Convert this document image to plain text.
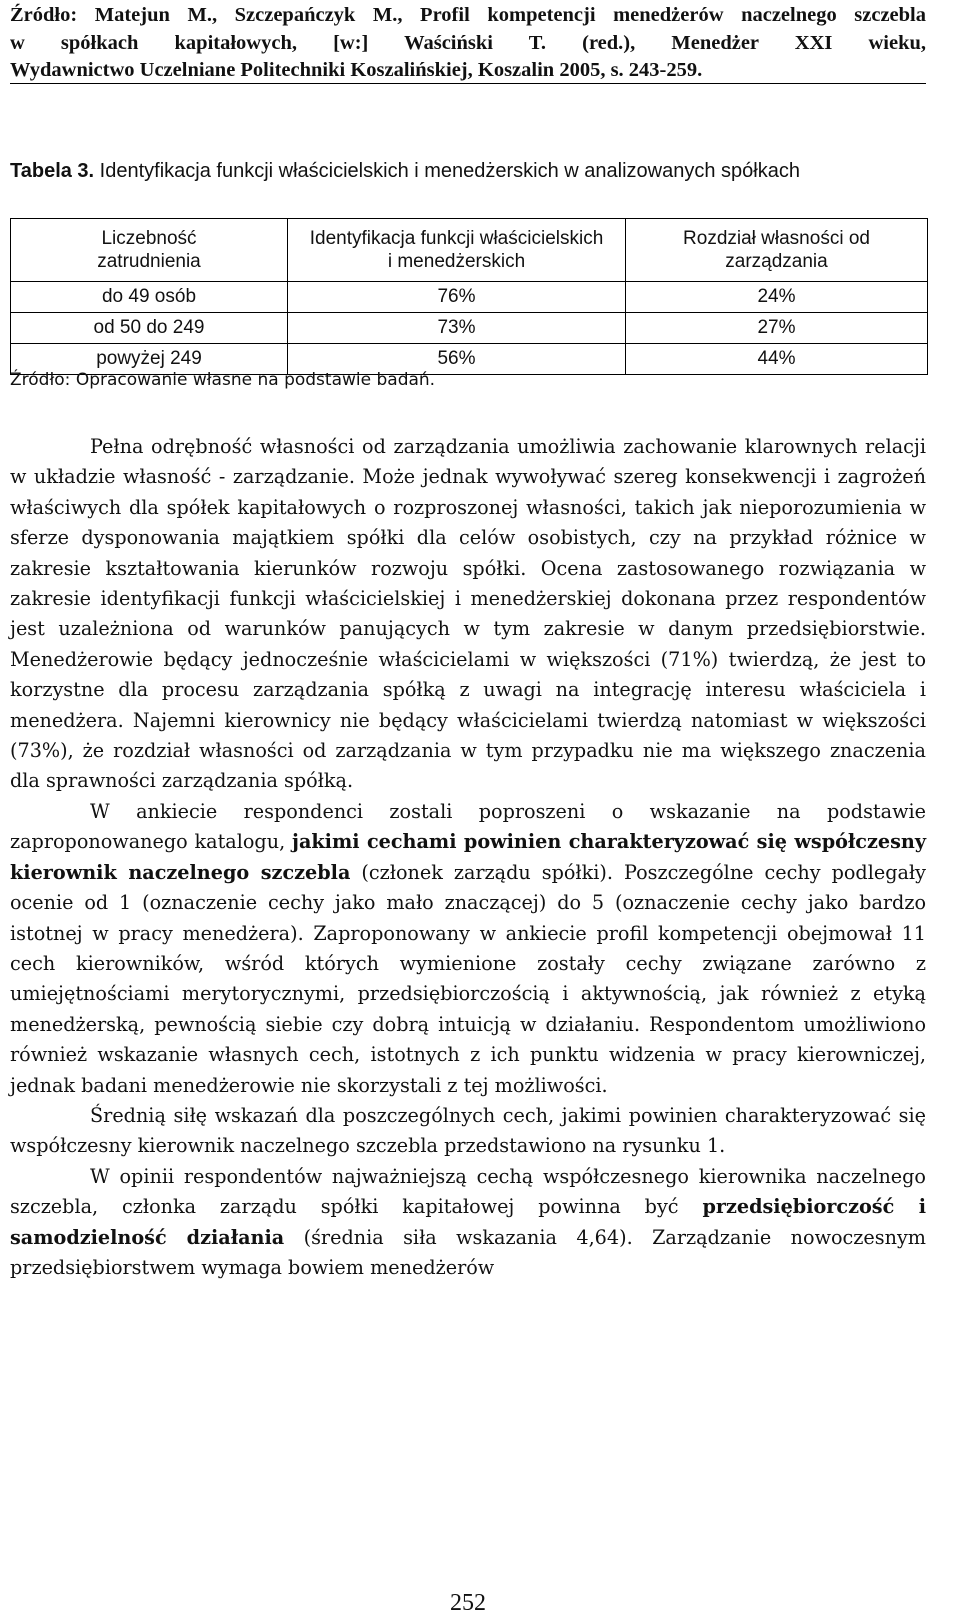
Źródło: Matejun M., Szczepańczyk M., Profil kompetencji menedżerów naczelnego szczebla
w spółkach kapitałowych, [w:] Waściński T. (red.), Menedżer XXI wieku,
Wydawnictwo Uczelniane Politechniki Koszalińskiej, Koszalin 2005, s. 243-259.
Tabela 3. Identyfikacja funkcji właścicielskich i menedżerskich w analizowanych spółkach
Liczebność zatrudnienia	Identyfikacja funkcji właścicielskich i menedżerskich	Rozdział własności od zarządzania
do 49 osób	76%	24%
od 50 do 249	73%	27%
powyżej 249	56%	44%
Źródło: Opracowanie własne na podstawie badań.

Pełna odrębność własności od zarządzania umożliwia zachowanie klarownych relacji w układzie własność - zarządzanie. Może jednak wywoływać szereg konsekwencji i zagrożeń właściwych dla spółek kapitałowych o rozproszonej własności, takich jak nieporozumienia w sferze dysponowania majątkiem spółki dla celów osobistych, czy na przykład różnice w zakresie kształtowania kierunków rozwoju spółki. Ocena zastosowanego rozwiązania w zakresie identyfikacji funkcji właścicielskiej i menedżerskiej dokonana przez respondentów jest uzależniona od warunków panujących w tym zakresie w danym przedsiębiorstwie. Menedżerowie będący jednocześnie właścicielami w większości (71%) twierdzą, że jest to korzystne dla procesu zarządzania spółką z uwagi na integrację interesu właściciela i menedżera. Najemni kierownicy nie będący właścicielami twierdzą natomiast w większości (73%), że rozdział własności od zarządzania w tym przypadku nie ma większego znaczenia dla sprawności zarządzania spółką.

W ankiecie respondenci zostali poproszeni o wskazanie na podstawie zaproponowanego katalogu, jakimi cechami powinien charakteryzować się współczesny kierownik naczelnego szczebla (członek zarządu spółki). Poszczególne cechy podlegały ocenie od 1 (oznaczenie cechy jako mało znaczącej) do 5 (oznaczenie cechy jako bardzo istotnej w pracy menedżera). Zaproponowany w ankiecie profil kompetencji obejmował 11 cech kierowników, wśród których wymienione zostały cechy związane zarówno z umiejętnościami merytorycznymi, przedsiębiorczością i aktywnością, jak również z etyką menedżerską, pewnością siebie czy dobrą intuicją w działaniu. Respondentom umożliwiono również wskazanie własnych cech, istotnych z ich punktu widzenia w pracy kierowniczej, jednak badani menedżerowie nie skorzystali z tej możliwości.

Średnią siłę wskazań dla poszczególnych cech, jakimi powinien charakteryzować się współczesny kierownik naczelnego szczebla przedstawiono na rysunku 1.

W opinii respondentów najważniejszą cechą współczesnego kierownika naczelnego szczebla, członka zarządu spółki kapitałowej powinna być przedsiębiorczość i samodzielność działania (średnia siła wskazania 4,64). Zarządzanie nowoczesnym przedsiębiorstwem wymaga bowiem menedżerów

252
